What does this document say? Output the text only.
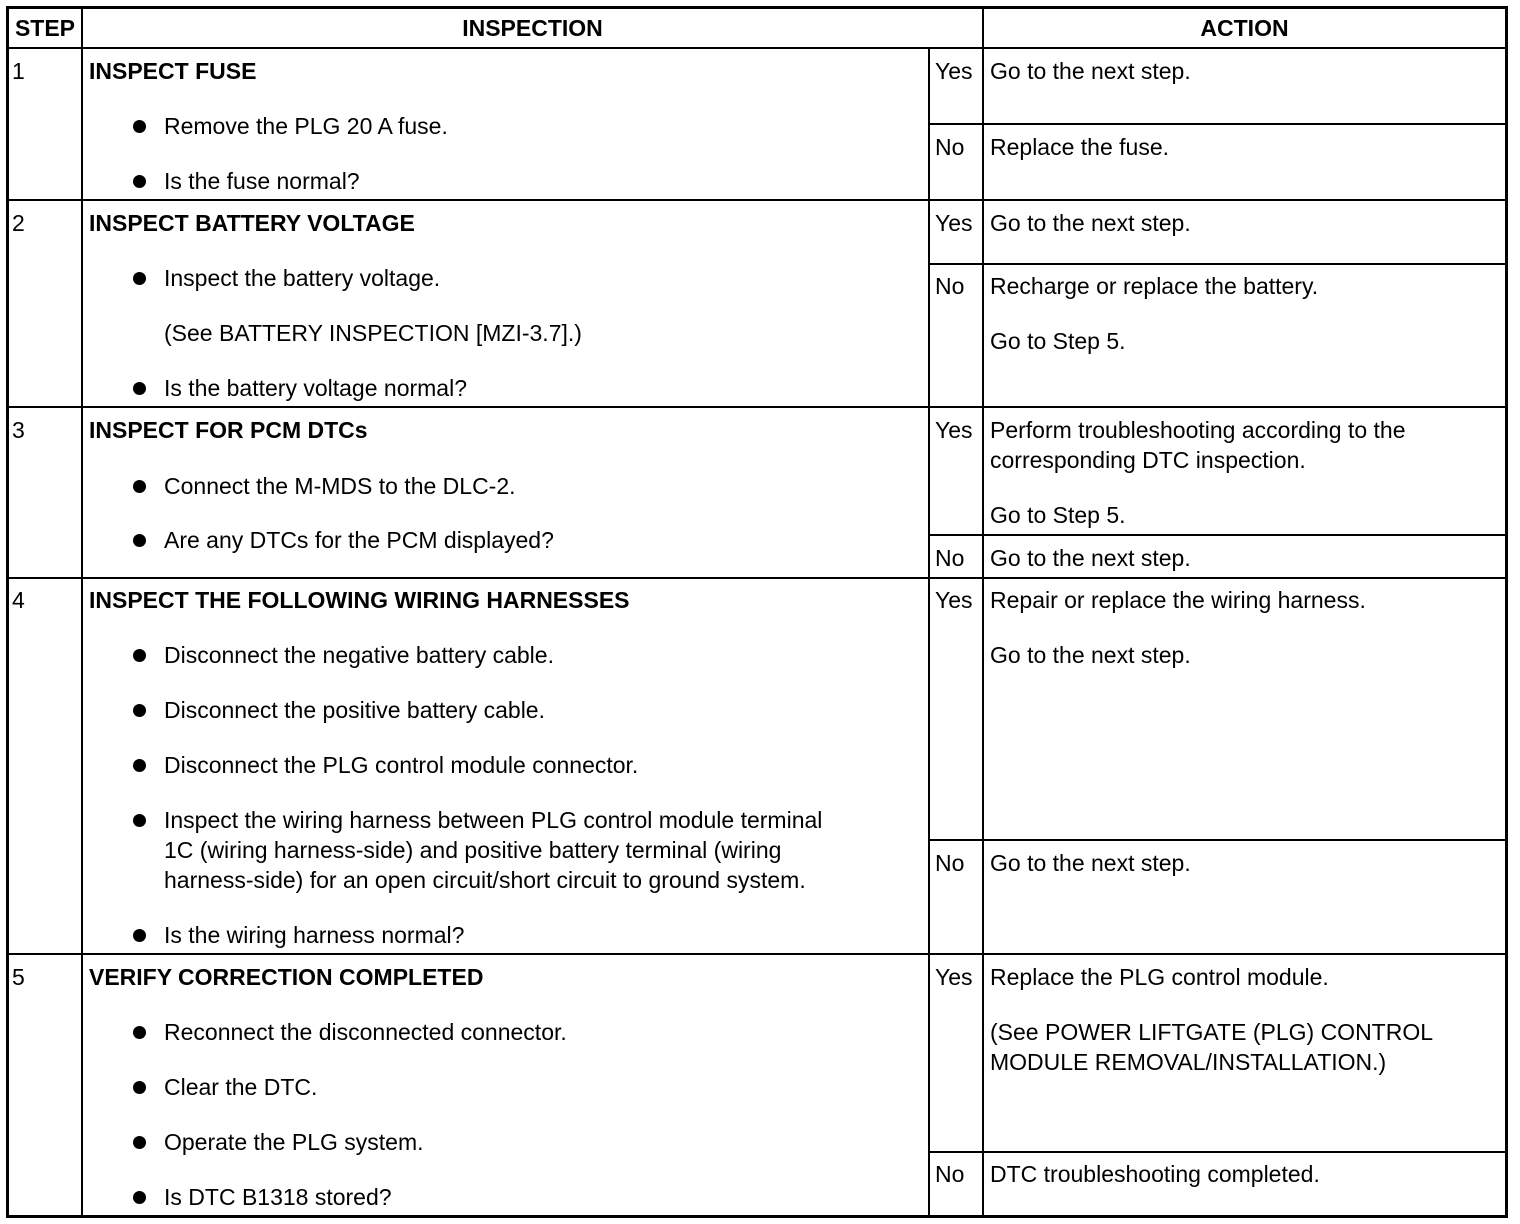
STEP	INSPECTION	ACTION
1	INSPECT FUSE
Remove the PLG 20 A fuse.
Is the fuse normal?
Yes Go to the next step.
No Replace the fuse.
2	INSPECT BATTERY VOLTAGE
Inspect the battery voltage.
(See BATTERY INSPECTION [MZI-3.7].)
Is the battery voltage normal?
Yes Go to the next step.
No Recharge or replace the battery.
Go to Step 5.
3	INSPECT FOR PCM DTCs
Connect the M-MDS to the DLC-2.
Are any DTCs for the PCM displayed?
Yes Perform troubleshooting according to the
corresponding DTC inspection.
Go to Step 5.
No Go to the next step.
4	INSPECT THE FOLLOWING WIRING HARNESSES
Disconnect the negative battery cable.
Disconnect the positive battery cable.
Disconnect the PLG control module connector.
Inspect the wiring harness between PLG control module terminal
1C (wiring harness-side) and positive battery terminal (wiring
harness-side) for an open circuit/short circuit to ground system.
Is the wiring harness normal?
Yes Repair or replace the wiring harness.
Go to the next step.
No Go to the next step.
5	VERIFY CORRECTION COMPLETED
Reconnect the disconnected connector.
Clear the DTC.
Operate the PLG system.
Is DTC B1318 stored?
Yes Replace the PLG control module.
(See POWER LIFTGATE (PLG) CONTROL
MODULE REMOVAL/INSTALLATION.)
No DTC troubleshooting completed.
